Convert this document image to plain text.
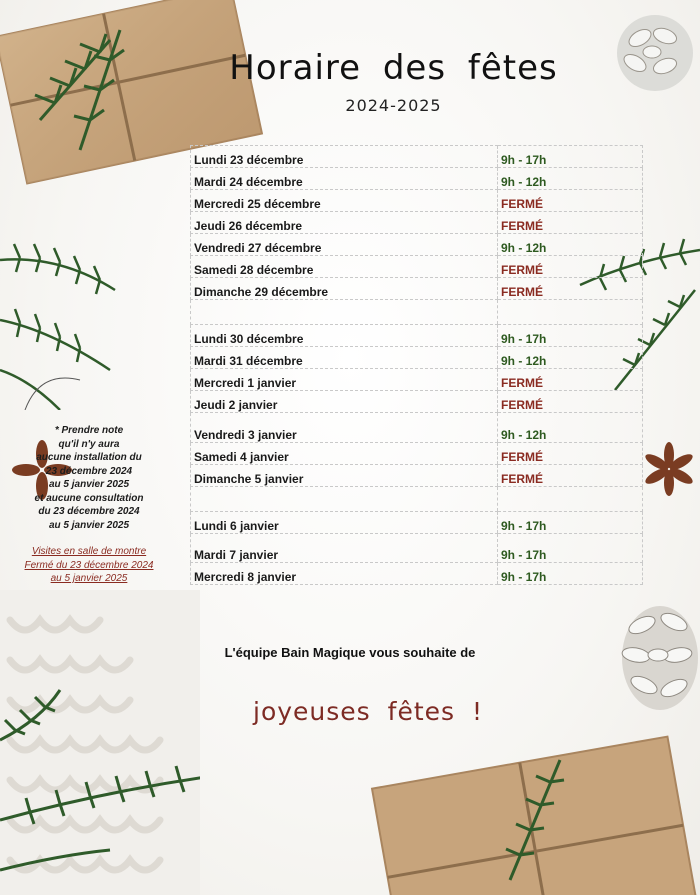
Horaire des fêtes
2024-2025
Lundi 23 décembre	9h - 17h
Mardi 24 décembre	9h - 12h
Mercredi 25 décembre	FERMÉ
Jeudi 26 décembre	FERMÉ
Vendredi 27 décembre	9h - 12h
Samedi 28 décembre	FERMÉ
Dimanche 29 décembre	FERMÉ

Lundi 30 décembre	9h - 17h
Mardi 31 décembre	9h - 12h
Mercredi 1 janvier	FERMÉ
Jeudi 2 janvier	FERMÉ
Vendredi 3 janvier	9h - 12h
Samedi 4 janvier	FERMÉ
Dimanche 5 janvier	FERMÉ

Lundi 6 janvier	9h - 17h
Mardi 7 janvier	9h - 17h
Mercredi 8 janvier	9h - 17h
* Prendre note
qu'il n'y aura
aucune installation du
23 décembre 2024
au 5 janvier 2025
et aucune consultation
du 23 décembre 2024
au 5 janvier 2025
Visites en salle de montre
Fermé du 23 décembre 2024
au 5 janvier 2025
L'équipe Bain Magique vous souhaite de
joyeuses fêtes !
